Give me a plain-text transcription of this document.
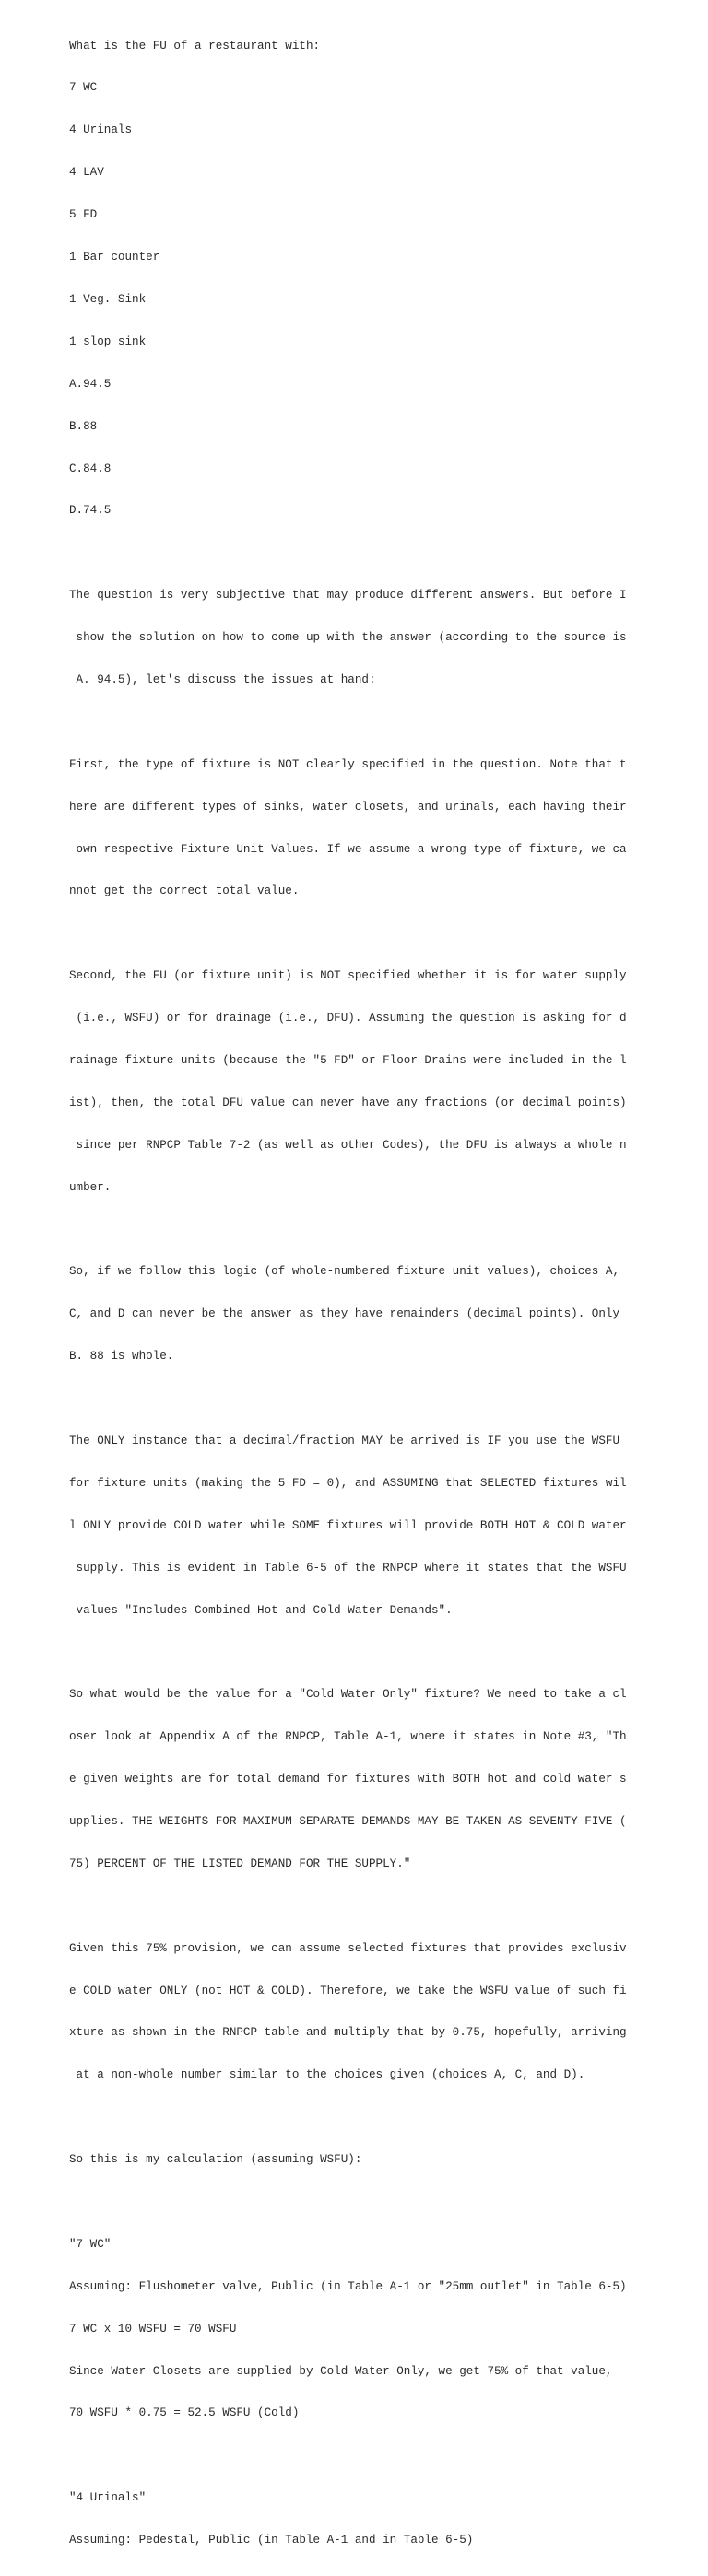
What is the FU of a restaurant with:

7 WC

4 Urinals

4 LAV

5 FD

1 Bar counter

1 Veg. Sink

1 slop sink

A.94.5

B.88

C.84.8

D.74.5

The question is very subjective that may produce different answers. But before I

show the solution on how to come up with the answer (according to the source is

A. 94.5), let's discuss the issues at hand:

First, the type of fixture is NOT clearly specified in the question. Note that t

here are different types of sinks, water closets, and urinals, each having their

own respective Fixture Unit Values. If we assume a wrong type of fixture, we ca

nnot get the correct total value.

Second, the FU (or fixture unit) is NOT specified whether it is for water supply

(i.e., WSFU) or for drainage (i.e., DFU). Assuming the question is asking for d

rainage fixture units (because the "5 FD" or Floor Drains were included in the l

ist), then, the total DFU value can never have any fractions (or decimal points)

since per RNPCP Table 7-2 (as well as other Codes), the DFU is always a whole n

umber.

So, if we follow this logic (of whole-numbered fixture unit values), choices A,

C, and D can never be the answer as they have remainders (decimal points). Only

B. 88 is whole.

The ONLY instance that a decimal/fraction MAY be arrived is IF you use the WSFU

for fixture units (making the 5 FD = 0), and ASSUMING that SELECTED fixtures wil

l ONLY provide COLD water while SOME fixtures will provide BOTH HOT & COLD water

supply. This is evident in Table 6-5 of the RNPCP where it states that the WSFU

values "Includes Combined Hot and Cold Water Demands".

So what would be the value for a "Cold Water Only" fixture? We need to take a cl

oser look at Appendix A of the RNPCP, Table A-1, where it states in Note #3, "Th

e given weights are for total demand for fixtures with BOTH hot and cold water s

upplies. THE WEIGHTS FOR MAXIMUM SEPARATE DEMANDS MAY BE TAKEN AS SEVENTY-FIVE (

75) PERCENT OF THE LISTED DEMAND FOR THE SUPPLY."

Given this 75% provision, we can assume selected fixtures that provides exclusiv

e COLD water ONLY (not HOT & COLD). Therefore, we take the WSFU value of such fi

xture as shown in the RNPCP table and multiply that by 0.75, hopefully, arriving

at a non-whole number similar to the choices given (choices A, C, and D).

So this is my calculation (assuming WSFU):

"7 WC"

Assuming: Flushometer valve, Public (in Table A-1 or "25mm outlet" in Table 6-5)

7 WC x 10 WSFU = 70 WSFU

Since Water Closets are supplied by Cold Water Only, we get 75% of that value,

70 WSFU * 0.75 = 52.5 WSFU (Cold)

"4 Urinals"

Assuming: Pedestal, Public (in Table A-1 and in Table 6-5)
